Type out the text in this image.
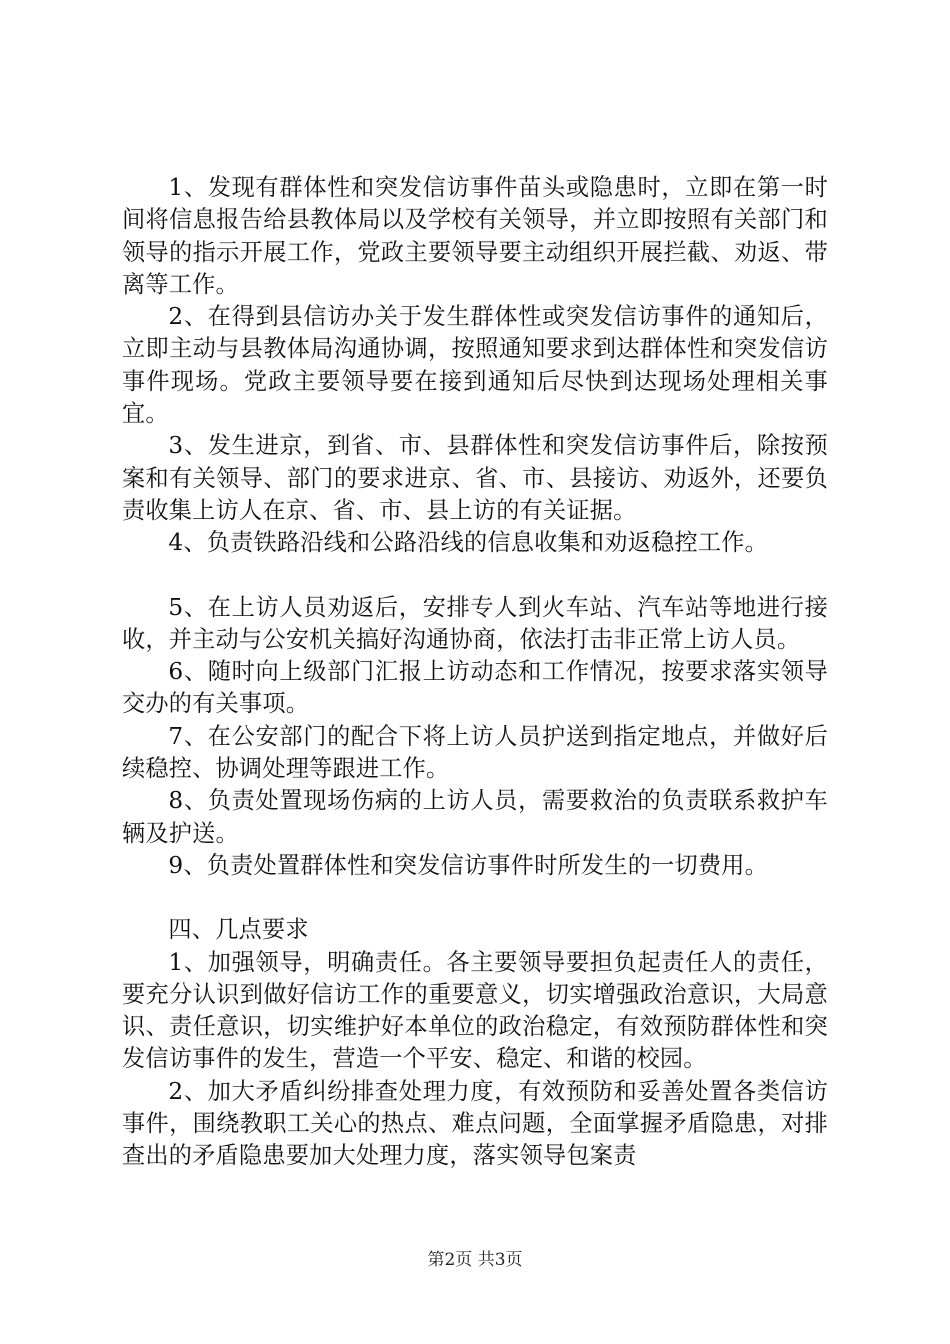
1、发现有群体性和突发信访事件苗头或隐患时，立即在第一时间将信息报告给县教体局以及学校有关领导，并立即按照有关部门和领导的指示开展工作，党政主要领导要主动组织开展拦截、劝返、带离等工作。

2、在得到县信访办关于发生群体性或突发信访事件的通知后，立即主动与县教体局沟通协调，按照通知要求到达群体性和突发信访事件现场。党政主要领导要在接到通知后尽快到达现场处理相关事宜。

3、发生进京，到省、市、县群体性和突发信访事件后，除按预案和有关领导、部门的要求进京、省、市、县接访、劝返外，还要负责收集上访人在京、省、市、县上访的有关证据。

4、负责铁路沿线和公路沿线的信息收集和劝返稳控工作。

5、在上访人员劝返后，安排专人到火车站、汽车站等地进行接收，并主动与公安机关搞好沟通协商，依法打击非正常上访人员。

6、随时向上级部门汇报上访动态和工作情况，按要求落实领导交办的有关事项。

7、在公安部门的配合下将上访人员护送到指定地点，并做好后续稳控、协调处理等跟进工作。

8、负责处置现场伤病的上访人员，需要救治的负责联系救护车辆及护送。

9、负责处置群体性和突发信访事件时所发生的一切费用。

四、几点要求

1、加强领导，明确责任。各主要领导要担负起责任人的责任，要充分认识到做好信访工作的重要意义，切实增强政治意识，大局意识、责任意识，切实维护好本单位的政治稳定，有效预防群体性和突发信访事件的发生，营造一个平安、稳定、和谐的校园。

2、加大矛盾纠纷排查处理力度，有效预防和妥善处置各类信访事件，围绕教职工关心的热点、难点问题，全面掌握矛盾隐患，对排查出的矛盾隐患要加大处理力度，落实领导包案责

第2页 共3页
